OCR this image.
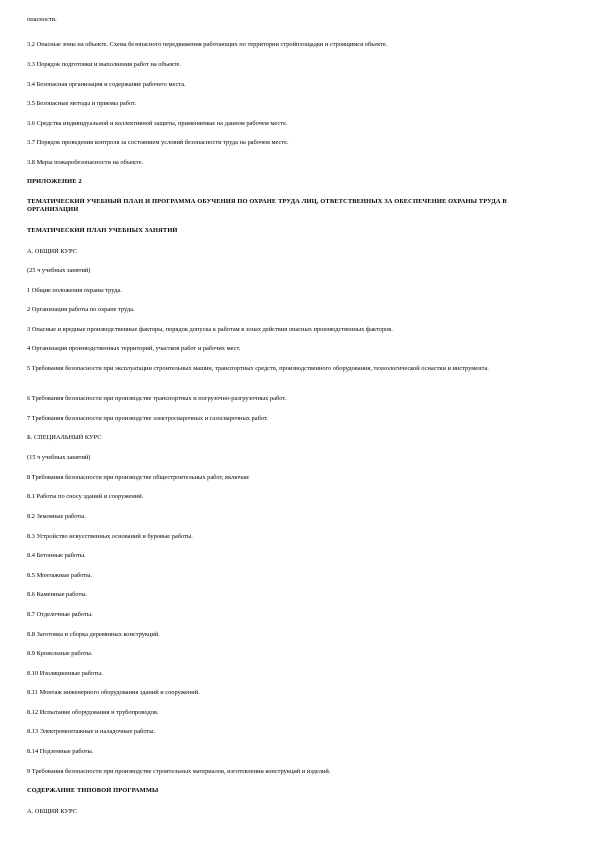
опасности.
3.2 Опасные зоны на объекте. Схема безопасного передвижения работающих по территории стройплощадки и строящимся объекте.
3.3 Порядок подготовки и выполнения работ на объекте.
3.4 Безопасная организация и содержание рабочего места.
3.5 Безопасные методы и приемы работ.
3.6 Средства индивидуальной и коллективной защиты, применяемые на данном рабочем месте.
3.7 Порядок проведения контроля за состоянием условий безопасности труда на рабочем месте.
3.8 Меры пожаробезопасности на объекте.
ПРИЛОЖЕНИЕ 2
ТЕМАТИЧЕСКИЙ УЧЕБНЫЙ ПЛАН И ПРОГРАММА ОБУЧЕНИЯ ПО ОХРАНЕ ТРУДА ЛИЦ, ОТВЕТСТВЕННЫХ ЗА ОБЕСПЕЧЕНИЕ ОХРАНЫ ТРУДА В ОРГАНИЗАЦИИ
ТЕМАТИЧЕСКИЙ ПЛАН УЧЕБНЫХ ЗАНЯТИЙ
А. ОБЩИЙ КУРС
(25 ч учебных занятий)
1 Общие положения охраны труда.
2 Организация работы по охране труда.
3 Опасные и вредные производственные факторы, порядок допуска к работам в зонах действия опасных производственных факторов.
4 Организация производственных территорий, участков работ и рабочих мест.
5 Требования безопасности при эксплуатации строительных машин, транспортных средств, производственного оборудования, технологической оснастки и инструмента.
6 Требования безопасности при производстве транспортных и погрузочно-разгрузочных работ.
7 Требования безопасности при производстве электросварочных и газосварочных работ.
Б. СПЕЦИАЛЬНЫЙ КУРС
(15 ч учебных занятий)
8 Требования безопасности при производстве общестроительных работ, включая:
8.1 Работы по сносу зданий и сооружений.
8.2 Земляные работы.
8.3 Устройство искусственных оснований и буровые работы.
8.4 Бетонные работы.
8.5 Монтажные работы.
8.6 Каменные работы.
8.7 Отделочные работы.
8.8 Заготовка и сборка деревянных конструкций.
8.9 Кровельные работы.
8.10 Изоляционные работы.
8.11 Монтаж инженерного оборудования зданий и сооружений.
8.12 Испытание оборудования и трубопроводов.
8.13 Электромонтажные и наладочные работы.
8.14 Подземные работы.
9 Требования безопасности при производстве строительных материалов, изготовлении конструкций и изделий.
СОДЕРЖАНИЕ ТИПОВОЙ ПРОГРАММЫ
А. ОБЩИЙ КУРС
